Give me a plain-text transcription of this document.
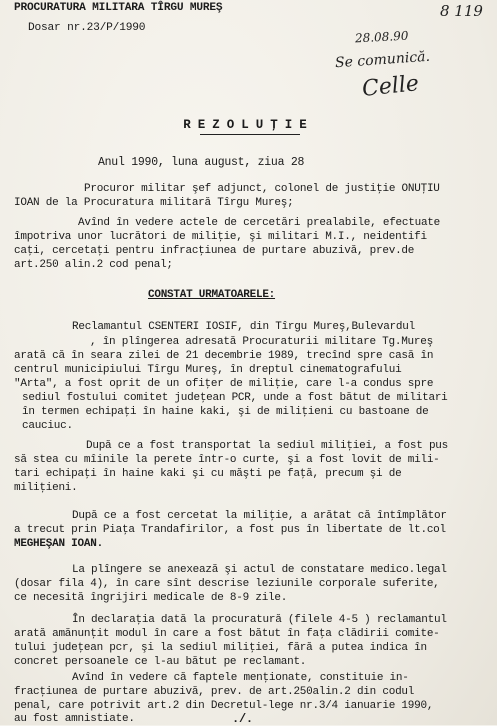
PROCURATURA MILITARA TÎRGU MUREŞ
Dosar nr.23/P/1990
8 119
28.08.90
Se comunică.
Celle
REZOLUŢIE
Anul 1990, luna august, ziua 28
Procuror militar şef adjunct, colonel de justiţie ONUŢIU
IOAN de la Procuratura militară Tîrgu Mureş;
Avînd în vedere actele de cercetări prealabile, efectuate
împotriva unor lucrători de miliţie, şi militari M.I., neidentifi
caţi, cercetaţi pentru infracţiunea de purtare abuzivă, prev.de
art.250 alin.2 cod penal;
CONSTAT URMATOARELE:
Reclamantul CSENTERI IOSIF, din Tîrgu Mureş,Bulevardul
, în plîngerea adresată Procuraturii militare Tg.Mureş
arată că în seara zilei de 21 decembrie 1989, trecînd spre casă în
centrul municipiului Tîrgu Mureş, în dreptul cinematografului
"Arta", a fost oprit de un ofiţer de miliţie, care l-a condus spre
sediul fostului comitet judeţean PCR, unde a fost bătut de militari
în termen echipaţi în haine kaki, şi de miliţieni cu bastoane de
cauciuc.
După ce a fost transportat la sediul miliţiei, a fost pus
să stea cu mîinile la perete într-o curte, şi a fost lovit de mili-
tari echipaţi în haine kaki şi cu măşti pe faţă, precum şi de
miliţieni.
După ce a fost cercetat la miliţie, a arătat că întîmplător
a trecut prin Piaţa Trandafirilor, a fost pus în libertate de lt.col
MEGHEŞAN IOAN.
La plîngere se anexează şi actul de constatare medico.legal
(dosar fila 4), în care sînt descrise leziunile corporale suferite,
ce necesită îngrijiri medicale de 8-9 zile.
În declaraţia dată la procuratură (filele 4-5 ) reclamantul
arată amănunţit modul în care a fost bătut în faţa clădirii comite-
tului judeţean pcr, şi la sediul miliţiei, fără a putea indica în
concret persoanele ce l-au bătut pe reclamant.
Avînd în vedere că faptele menţionate, constituie in-
fracţiunea de purtare abuzivă, prev. de art.250alin.2 din codul
penal, care potrivit art.2 din Decretul-lege nr.3/4 ianuarie 1990,
au fost amnistiate.	./.
